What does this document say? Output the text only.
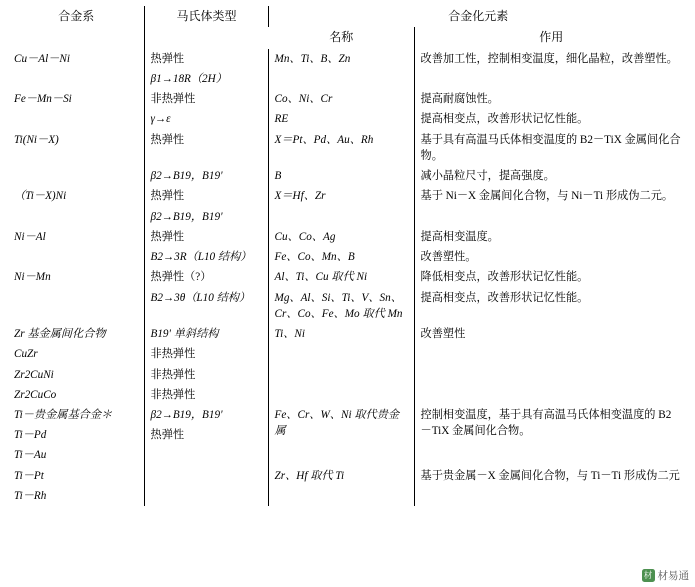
合金系	马氏体类型	合金化元素	
		名称	作用

Cu－Al－Ni	热弹性	Mn、Ti、B、Zn	改善加工性，控制相变温度，细化晶粒，改善塑性。
	β1→18R（2H）		

Fe－Mn－Si	非热弹性	Co、Ni、Cr	提高耐腐蚀性。
	γ→ε	RE	提高相变点，改善形状记忆性能。

Ti(Ni－X)	热弹性	X＝Pt、Pd、Au、Rh	基于具有高温马氏体相变温度的 B2－TiX 金属间化合物。
	β2→B19，B19'	B	减小晶粒尺寸，提高强度。

（Ti－X)Ni	热弹性	X＝Hf、Zr	基于 Ni－X 金属间化合物，与 Ni－Ti 形成伪二元。
	β2→B19，B19'		

Ni－Al	热弹性	Cu、Co、Ag	提高相变温度。
	B2→3R（L10 结构）	Fe、Co、Mn、B	改善塑性。

Ni－Mn	热弹性（?）	Al、Ti、Cu 取代 Ni	降低相变点，改善形状记忆性能。
	B2→3θ（L10 结构）	Mg、Al、Si、Ti、V、Sn、Cr、Co、Fe、Mo 取代 Mn	提高相变点，改善形状记忆性能。
Zr 基金属间化合物	B19' 单斜结构	Ti、Ni	改善塑性
CuZr	非热弹性		
Zr2CuNi	非热弹性		
Zr2CuCo	非热弹性		
Ti－贵金属基合金＊	β2→B19，B19'	Fe、Cr、W、Ni 取代贵金属	控制相变温度，基于具有高温马氏体相变温度的 B2－TiX 金属间化合物。
Ti－Pd	热弹性		
Ti－Au			
Ti－Pt		Zr、Hf 取代 Ti	基于贵金属－X 金属间化合物，与 Ti－Ti 形成伪二元
Ti－Rh			
材 材易通
